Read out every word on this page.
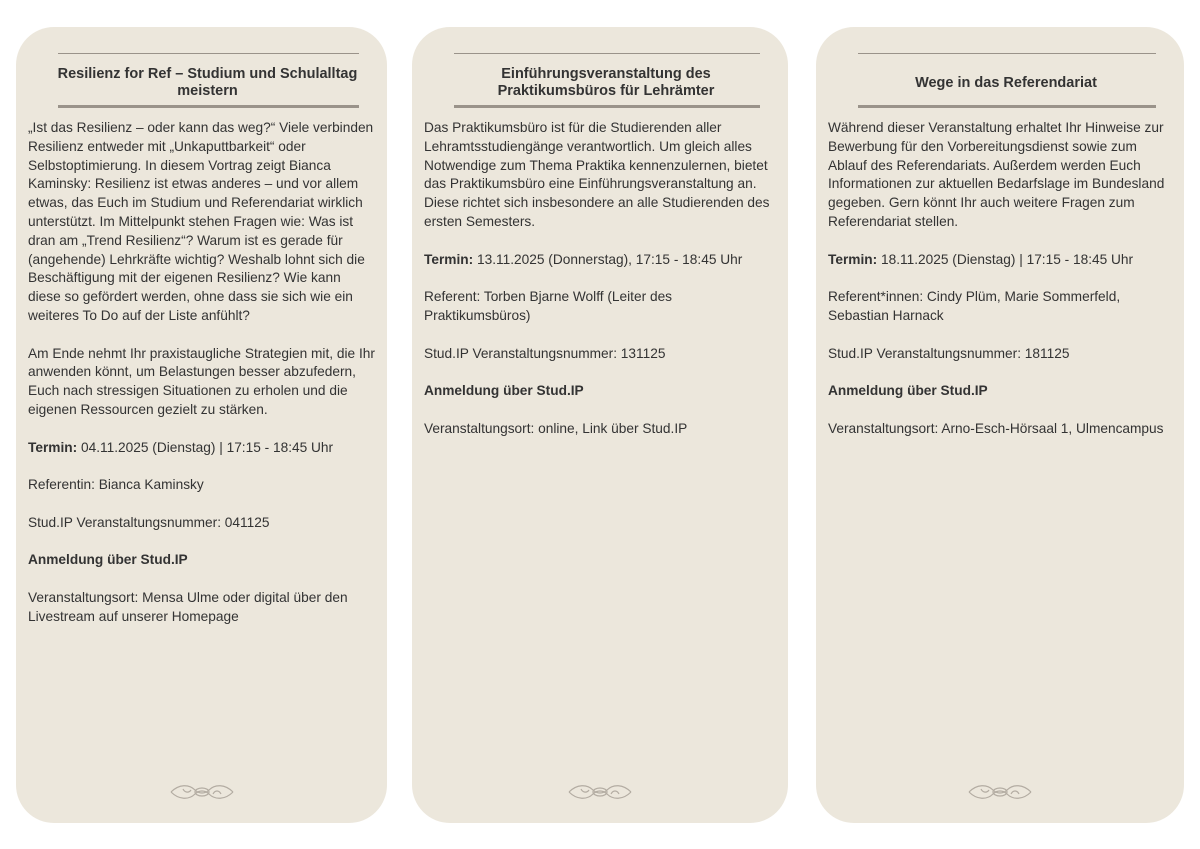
Resilienz for Ref – Studium und Schulalltag meistern

„Ist das Resilienz – oder kann das weg?“ Viele verbinden Resilienz entweder mit „Unkaputtbarkeit“ oder Selbstoptimierung. In diesem Vortrag zeigt Bianca Kaminsky: Resilienz ist etwas anderes – und vor allem etwas, das Euch im Studium und Referendariat wirklich unterstützt. Im Mittelpunkt stehen Fragen wie: Was ist dran am „Trend Resilienz“? Warum ist es gerade für (angehende) Lehrkräfte wichtig? Weshalb lohnt sich die Beschäftigung mit der eigenen Resilienz? Wie kann diese so gefördert werden, ohne dass sie sich wie ein weiteres To Do auf der Liste anfühlt?

Am Ende nehmt Ihr praxistaugliche Strategien mit, die Ihr anwenden könnt, um Belastungen besser abzufedern, Euch nach stressigen Situationen zu erholen und die eigenen Ressourcen gezielt zu stärken.

Termin: 04.11.2025 (Dienstag) | 17:15 - 18:45 Uhr

Referentin: Bianca Kaminsky

Stud.IP Veranstaltungsnummer: 041125

Anmeldung über Stud.IP

Veranstaltungsort: Mensa Ulme oder digital über den Livestream auf unserer Homepage

Einführungsveranstaltung des Praktikumsbüros für Lehrämter

Das Praktikumsbüro ist für die Studierenden aller Lehramtsstudiengänge verantwortlich. Um gleich alles Notwendige zum Thema Praktika kennenzulernen, bietet das Praktikumsbüro eine Einführungsveranstaltung an. Diese richtet sich insbesondere an alle Studierenden des ersten Semesters.

Termin: 13.11.2025 (Donnerstag), 17:15 - 18:45 Uhr

Referent: Torben Bjarne Wolff (Leiter des Praktikumsbüros)

Stud.IP Veranstaltungsnummer: 131125

Anmeldung über Stud.IP

Veranstaltungsort: online, Link über Stud.IP

Wege in das Referendariat

Während dieser Veranstaltung erhaltet Ihr Hinweise zur Bewerbung für den Vorbereitungsdienst sowie zum Ablauf des Referendariats. Außerdem werden Euch Informationen zur aktuellen Bedarfslage im Bundesland gegeben. Gern könnt Ihr auch weitere Fragen zum Referendariat stellen.

Termin: 18.11.2025 (Dienstag) | 17:15 - 18:45 Uhr

Referent*innen: Cindy Plüm, Marie Sommerfeld, Sebastian Harnack

Stud.IP Veranstaltungsnummer: 181125

Anmeldung über Stud.IP

Veranstaltungsort: Arno-Esch-Hörsaal 1, Ulmencampus
